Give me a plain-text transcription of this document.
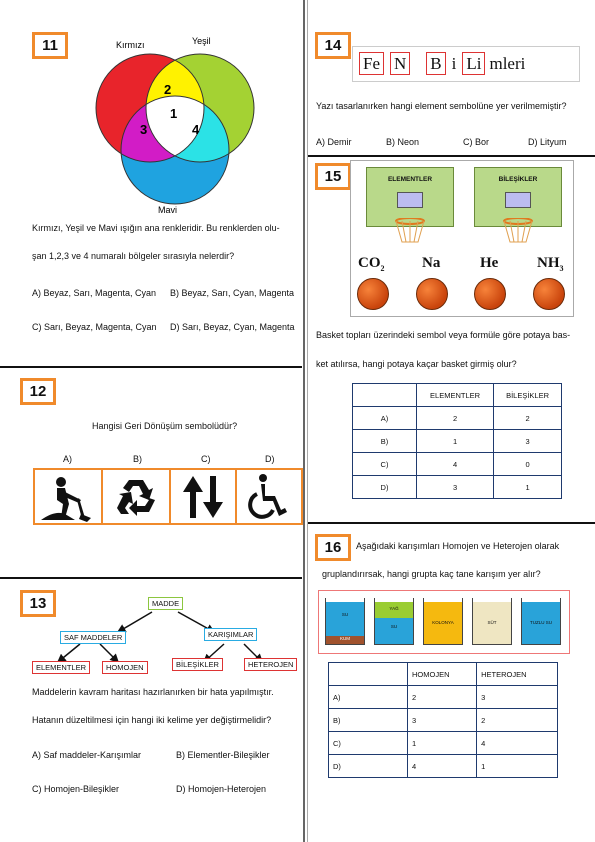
11	Kırmızı	Yeşil
Mavi
2
1
3	4
Kırmızı, Yeşil ve Mavi ışığın ana renkleridir. Bu renklerden olu-
şan 1,2,3 ve 4 numaralı bölgeler sırasıyla nelerdir?
A) Beyaz, Sarı, Magenta, Cyan B) Beyaz, Sarı, Cyan, Magenta
C) Sarı, Beyaz, Magenta, Cyan D) Sarı, Beyaz, Cyan, Magenta
12
Hangisi Geri Dönüşüm sembolüdür?
A)	B)	C)	D)
13	MADDE
SAF MADDELER	KARIŞIMLAR
ELEMENTLER	HOMOJEN	BİLEŞİKLER	HETEROJEN
Maddelerin kavram haritası hazırlanırken bir hata yapılmıştır.
Hatanın düzeltilmesi için hangi iki kelime yer değiştirmelidir?
A) Saf maddeler-Karışımlar	B) Elementler-Bileşikler
C) Homojen-Bileşikler	D) Homojen-Heterojen
14
Fe N B i Li mleri
Yazı tasarlanırken hangi element sembolüne yer verilmemiştir?
A) Demir	B) Neon	C) Bor	D) Lityum
15	ELEMENTLER	BİLEŞİKLER
$CO_2$	Na	He	$NH_3$
Basket topları üzerindeki sembol veya formüle göre potaya bas-
ket atılırsa, hangi potaya kaçar basket girmiş olur?
	ELEMENTLER	BİLEŞİKLER
A)	2	2
B)	1	3
C)	4	0
D)	3	1
16	Aşağıdaki karışımları Homojen ve Heterojen olarak
gruplandırırsak, hangi grupta kaç tane karışım yer alır?
SU
KUM
YAĞ
SU
KOLONYA	SÜT	TUZLU SU
	HOMOJEN	HETEROJEN
A)	2	3
B)	3	2
C)	1	4
D)	4	1
